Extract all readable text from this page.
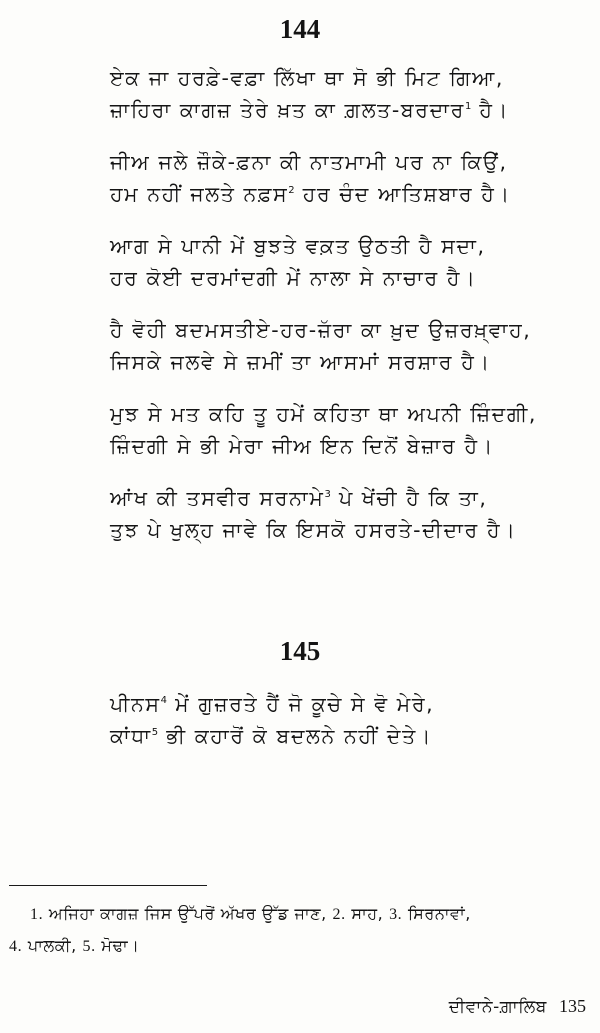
144
ਏਕ ਜਾ ਹਰਫ਼ੇ-ਵਫ਼ਾ ਲਿੱਖਾ ਥਾ ਸੋ ਭੀ ਮਿਟ ਗਿਆ,
ਜ਼ਾਹਿਰਾ ਕਾਗਜ਼ ਤੇਰੇ ਖ਼ਤ ਕਾ ਗ਼ਲਤ-ਬਰਦਾਰ$^1$ ਹੈ।
ਜੀਅ ਜਲੇ ਜ਼ੌਕੇ-ਫ਼ਨਾ ਕੀ ਨਾਤਮਾਮੀ ਪਰ ਨਾ ਕਿਉਂ,
ਹਮ ਨਹੀਂ ਜਲਤੇ ਨਫ਼ਸ$^2$ ਹਰ ਚੰਦ ਆਤਿਸ਼ਬਾਰ ਹੈ।
ਆਗ ਸੇ ਪਾਨੀ ਮੇਂ ਬੁਝਤੇ ਵਕ਼ਤ ਉਠਤੀ ਹੈ ਸਦਾ,
ਹਰ ਕੋਈ ਦਰਮਾਂਦਗੀ ਮੇਂ ਨਾਲਾ ਸੇ ਨਾਚਾਰ ਹੈ।
ਹੈ ਵੋਹੀ ਬਦਮਸਤੀਏ-ਹਰ-ਜ਼ੱਰਾ ਕਾ ਖ਼ੁਦ ਉਜ਼ਰਖ਼੍ਵਾਹ,
ਜਿਸਕੇ ਜਲਵੇ ਸੇ ਜ਼ਮੀਂ ਤਾ ਆਸਮਾਂ ਸਰਸ਼ਾਰ ਹੈ।
ਮੁਝ ਸੇ ਮਤ ਕਹਿ ਤੂ ਹਮੇਂ ਕਹਿਤਾ ਥਾ ਅਪਨੀ ਜ਼ਿੰਦਗੀ,
ਜ਼ਿੰਦਗੀ ਸੇ ਭੀ ਮੇਰਾ ਜੀਅ ਇਨ ਦਿਨੋਂ ਬੇਜ਼ਾਰ ਹੈ।
ਆਂਖ ਕੀ ਤਸਵੀਰ ਸਰਨਾਮੇ$^3$ ਪੇ ਖੇਂਚੀ ਹੈ ਕਿ ਤਾ,
ਤੁਝ ਪੇ ਖੁਲ੍ਹ ਜਾਵੇ ਕਿ ਇਸਕੋ ਹਸਰਤੇ-ਦੀਦਾਰ ਹੈ।
145
ਪੀਨਸ$^4$ ਮੇਂ ਗੁਜ਼ਰਤੇ ਹੈਂ ਜੋ ਕੂਚੇ ਸੇ ਵੋ ਮੇਰੇ,
ਕਾਂਧਾ$^5$ ਭੀ ਕਹਾਰੋਂ ਕੋ ਬਦਲਨੇ ਨਹੀਂ ਦੇਤੇ।
1. ਅਜਿਹਾ ਕਾਗਜ਼ ਜਿਸ ਉੱਪਰੋਂ ਅੱਖਰ ਉੱਡ ਜਾਣ, 2. ਸਾਹ, 3. ਸਿਰਨਾਵਾਂ,
4. ਪਾਲਕੀ, 5. ਮੋਢਾ।
ਦੀਵਾਨੇ-ਗ਼ਾਲਿਬ 135
